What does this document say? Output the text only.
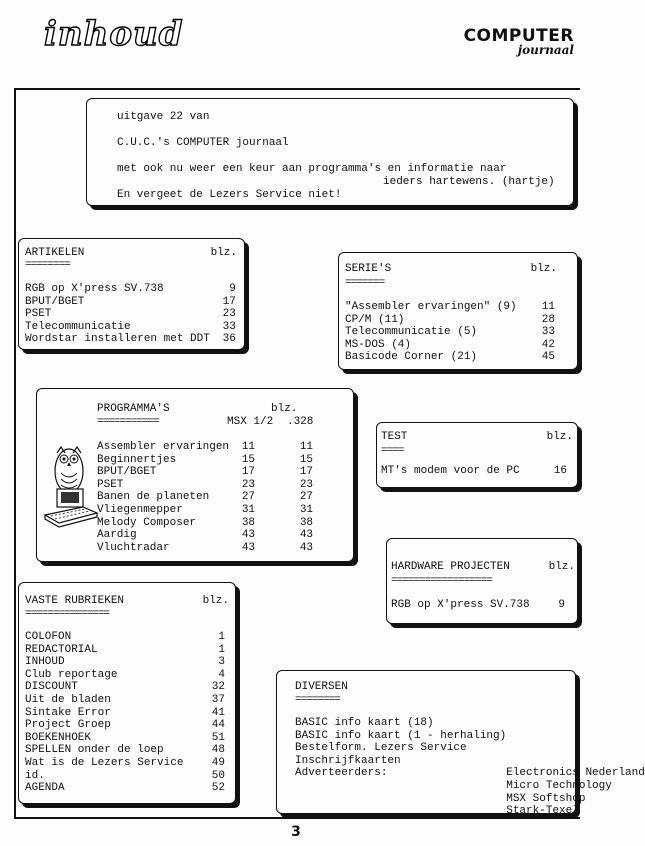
inhoud	COMPUTER
journaal
uitgave 22 van
C.U.C.'s COMPUTER journaal
met ook nu weer een keur aan programma's en informatie naar
ieders hartewens. (hartje)
En vergeet de Lezers Service niet!
ARTIKELEN	blz.
========
RGB op X'press SV.738	9
BPUT/BGET	17
PSET	23
Telecommunicatie	33
Wordstar installeren met DDT	36
SERIE'S	blz.
=======
"Assembler ervaringen" (9)	11
CP/M (11)	28
Telecommunicatie (5)	33
MS-DOS (4)	42
Basicode Corner (21)	45
PROGRAMMA'S	blz.
===========	MSX 1/2 .328
Assembler ervaringen	11	11
Beginnertjes	15	15
BPUT/BGET	17	17
PSET	23	23
Banen de planeten	27	27
Vliegenmepper	31	31
Melody Composer	38	38
Aardig	43	43
Vluchtradar	43	43
TEST	blz.
====
MT's modem voor de PC	16
HARDWARE PROJECTEN	blz.
==================
RGB op X'press SV.738	9
VASTE RUBRIEKEN	blz.
===============
COLOFON	1
REDACTORIAL	1
INHOUD	3
Club reportage	4
DISCOUNT	32
Uit de bladen	37
Sintake Error	41
Project Groep	44
BOEKENHOEK	51
SPELLEN onder de loep	48
Wat is de Lezers Service	49
id.	50
AGENDA	52
DIVERSEN
========
BASIC info kaart (18)	
BASIC info kaart (1 - herhaling)	
Bestelform. Lezers Service	
Inschrijfkaarten	
Adverteerders:	Electronics Nederland
	Micro Technology
	MSX Softshop
	Stark-Texel
3
